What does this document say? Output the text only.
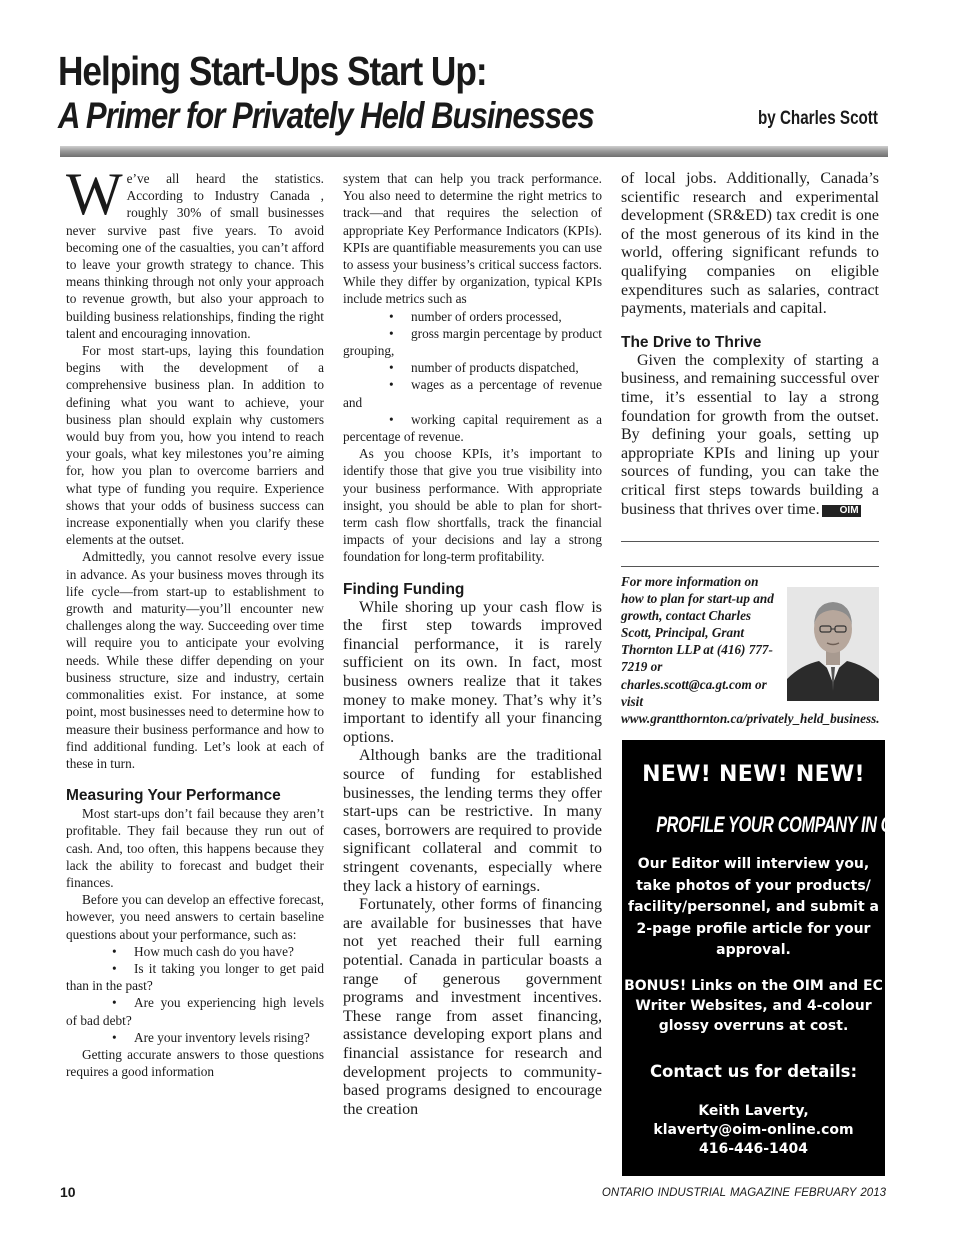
Helping Start-Ups Start Up:
A Primer for Privately Held Businesses	by Charles Scott

We’ve all heard the statistics. According to Industry Canada , roughly 30% of small businesses never survive past five years. To avoid becoming one of the casualties, you can’t afford to leave your growth strategy to chance. This means thinking through not only your approach to revenue growth, but also your approach to building business relationships, finding the right talent and encouraging innovation.

For most start-ups, laying this foundation begins with the development of a comprehensive business plan. In addition to defining what you want to achieve, your business plan should explain why customers would buy from you, how you intend to reach your goals, what key milestones you’re aiming for, how you plan to overcome barriers and what type of funding you require. Experience shows that your odds of business success can increase exponentially when you clarify these elements at the outset.

Admittedly, you cannot resolve every issue in advance. As your business moves through its life cycle—from start-up to establishment to growth and maturity—you’ll encounter new challenges along the way. Succeeding over time will require you to anticipate your evolving needs. While these differ depending on your business structure, size and industry, certain commonalities exist. For instance, at some point, most businesses need to determine how to measure their business performance and how to find additional funding. Let’s look at each of these in turn.

Measuring Your Performance

Most start-ups don’t fail because they aren’t profitable. They fail because they run out of cash. And, too often, this happens because they lack the ability to forecast and budget their finances.

Before you can develop an effective forecast, however, you need answers to certain baseline questions about your performance, such as:

• How much cash do you have?

• Is it taking you longer to get paid than in the past?

• Are you experiencing high levels of bad debt?

• Are your inventory levels rising?

Getting accurate answers to those questions requires a good information

system that can help you track performance. You also need to determine the right metrics to track—and that requires the selection of appropriate Key Performance Indicators (KPIs). KPIs are quantifiable measurements you can use to assess your business’s critical success factors. While they differ by organization, typical KPIs include metrics such as

• number of orders processed,

• gross margin percentage by product grouping,

• number of products dispatched,

• wages as a percentage of revenue and

• working capital requirement as a percentage of revenue.

As you choose KPIs, it’s important to identify those that give you true visibility into your business performance. With appropriate insight, you should be able to plan for short-term cash flow shortfalls, track the financial impacts of your decisions and lay a strong foundation for long-term profitability.

Finding Funding

While shoring up your cash flow is the first step towards improved financial performance, it is rarely sufficient on its own. In fact, most business owners realize that it takes money to make money. That’s why it’s important to identify all your financing options.

Although banks are the traditional source of funding for established businesses, the lending terms they offer start-ups can be restrictive. In many cases, borrowers are required to provide significant collateral and commit to stringent covenants, especially where they lack a history of earnings.

Fortunately, other forms of financing are available for businesses that have not yet reached their full earning potential. Canada in particular boasts a range of generous government programs and investment incentives. These range from asset financing, assistance developing export plans and financial assistance for research and development projects to community-based programs designed to encourage the creation

of local jobs. Additionally, Canada’s scientific research and experimental development (SR&ED) tax credit is one of the most generous of its kind in the world, offering significant refunds to qualifying companies on eligible expenditures such as salaries, contract payments, materials and capital.

The Drive to Thrive

Given the complexity of starting a business, and remaining successful over time, it’s essential to lay a strong foundation for growth from the outset. By defining your goals, setting up appropriate KPIs and lining up your sources of funding, you can take the critical first steps towards building a business that thrives over time. OIM

For more information on how to plan for start-up and growth, contact Charles Scott, Principal, Grant Thornton LLP at (416) 777-7219 or charles.scott@ca.gt.com or visit www.grantthornton.ca/privately_held_business.
NEW! NEW! NEW!
PROFILE YOUR COMPANY IN OIM
Our Editor will interview you, take photos of your products/ facility/personnel, and submit a 2-page profile article for your approval.
BONUS! Links on the OIM and EC Writer Websites, and 4-colour glossy overruns at cost.
Contact us for details:
Keith Laverty,
klaverty@oim-online.com
416-446-1404
10	ONTARIO INDUSTRIAL MAGAZINE FEBRUARY 2013
